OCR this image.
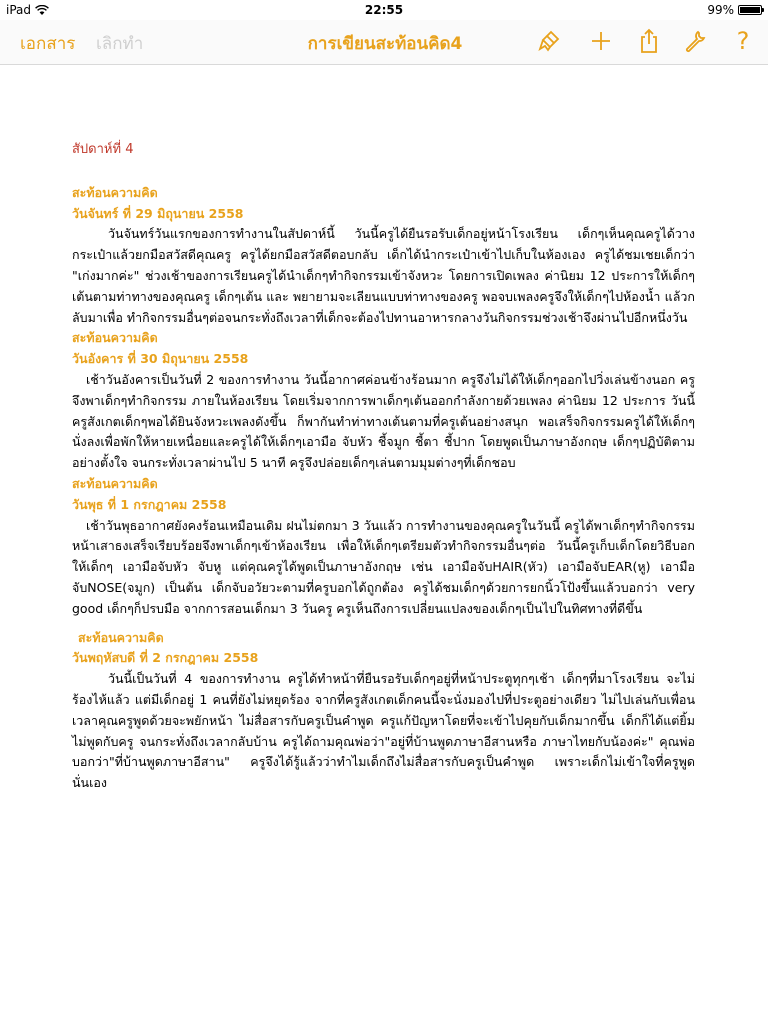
iPad	22:55	99%
เอกสาร เลิกทำ	การเขียนสะท้อนคิด4	?
สัปดาห์ที่ 4
สะท้อนความคิด
วันจันทร์ ที่ 29 มิถุนายน 2558
วันจันทร์วันแรกของการทำงานในสัปดาห์นี้ วันนี้ครูได้ยืนรอรับเด็กอยู่หน้าโรงเรียน เด็กๆเห็นคุณครูได้วางกระเป๋าแล้วยกมือสวัสดีคุณครู ครูได้ยกมือสวัสดีตอบกลับ เด็กได้นำกระเป๋าเข้าไปเก็บในห้องเอง ครูได้ชมเชยเด็กว่า "เก่งมากค่ะ" ช่วงเช้าของการเรียนครูได้นำเด็กๆทำกิจกรรมเข้าจังหวะ โดยการเปิดเพลง ค่านิยม 12 ประการให้เด็กๆเต้นตามท่าทางของคุณครู เด็กๆเต้น และ พยายามจะเลียนแบบท่าทางของครู พอจบเพลงครูจึงให้เด็กๆไปห้องน้ำ แล้วกลับมาเพื่อ ทำกิจกรรมอื่นๆต่อจนกระทั่งถึงเวลาที่เด็กจะต้องไปทานอาหารกลางวันกิจกรรมช่วงเช้าจึงผ่านไปอีกหนึ่งวัน
สะท้อนความคิด
วันอังคาร ที่ 30 มิถุนายน 2558
เช้าวันอังคารเป็นวันที่ 2 ของการทำงาน วันนี้อากาศค่อนข้างร้อนมาก ครูจึงไม่ได้ให้เด็กๆออกไปวิ่งเล่นข้างนอก ครูจึงพาเด็กๆทำกิจกรรม ภายในห้องเรียน โดยเริ่มจากการพาเด็กๆเต้นออกกำลังกายด้วยเพลง ค่านิยม 12 ประการ วันนี้ครูสังเกตเด็กๆพอได้ยินจังหวะเพลงดังขึ้น ก็พากันทำท่าทางเต้นตามที่ครูเต้นอย่างสนุก พอเสร็จกิจกรรมครูได้ให้เด็กๆนั่งลงเพื่อพักให้หายเหนื่อยและครูได้ให้เด็กๆเอามือ จับหัว ชี้จมูก ชี้ตา ชี้ปาก โดยพูดเป็นภาษาอังกฤษ เด็กๆปฏิบัติตามอย่างตั้งใจ จนกระทั่งเวลาผ่านไป 5 นาที ครูจึงปล่อยเด็กๆเล่นตามมุมต่างๆที่เด็กชอบ
สะท้อนความคิด
วันพุธ ที่ 1 กรกฎาคม 2558
เช้าวันพุธอากาศยังคงร้อนเหมือนเดิม ฝนไม่ตกมา 3 วันแล้ว การทำงานของคุณครูในวันนี้ ครูได้พาเด็กๆทำกิจกรรมหน้าเสาธงเสร็จเรียบร้อยจึงพาเด็กๆเข้าห้องเรียน เพื่อให้เด็กๆเตรียมตัวทำกิจกรรมอื่นๆต่อ วันนี้ครูเก็บเด็กโดยวิธีบอกให้เด็กๆ เอามือจับหัว จับหู แต่คุณครูได้พูดเป็นภาษาอังกฤษ เช่น เอามือจับHAIR(หัว) เอามือจับEAR(หู) เอามือจับNOSE(จมูก) เป็นต้น เด็กจับอวัยวะตามที่ครูบอกได้ถูกต้อง ครูได้ชมเด็กๆด้วยการยกนิ้วโป้งขึ้นแล้วบอกว่า very good เด็กๆก็ปรบมือ จากการสอนเด็กมา 3 วันครู ครูเห็นถึงการเปลี่ยนแปลงของเด็กๆเป็นไปในทิศทางที่ดีขึ้น
สะท้อนความคิด
วันพฤหัสบดี ที่ 2 กรกฎาคม 2558
วันนี้เป็นวันที่ 4 ของการทำงาน ครูได้ทำหน้าที่ยืนรอรับเด็กๆอยู่ที่หน้าประตูทุกๆเช้า เด็กๆที่มาโรงเรียน จะไม่ร้องไห้แล้ว แต่มีเด็กอยู่ 1 คนที่ยังไม่หยุดร้อง จากที่ครูสังเกตเด็กคนนี้จะนั่งมองไปที่ประตูอย่างเดียว ไม่ไปเล่นกับเพื่อน เวลาคุณครูพูดด้วยจะพยักหน้า ไม่สื่อสารกับครูเป็นคำพูด ครูแก้ปัญหาโดยที่จะเข้าไปคุยกับเด็กมากขึ้น เด็กก็ได้แต่ยิ้มไม่พูดกับครู จนกระทั่งถึงเวลากลับบ้าน ครูได้ถามคุณพ่อว่า"อยู่ที่บ้านพูดภาษาอีสานหรือ ภาษาไทยกับน้องค่ะ" คุณพ่อบอกว่า"ที่บ้านพูดภาษาอีสาน" ครูจึงได้รู้แล้วว่าทำไมเด็กถึงไม่สื่อสารกับครูเป็นคำพูด เพราะเด็กไม่เข้าใจที่ครูพูดนั่นเอง
